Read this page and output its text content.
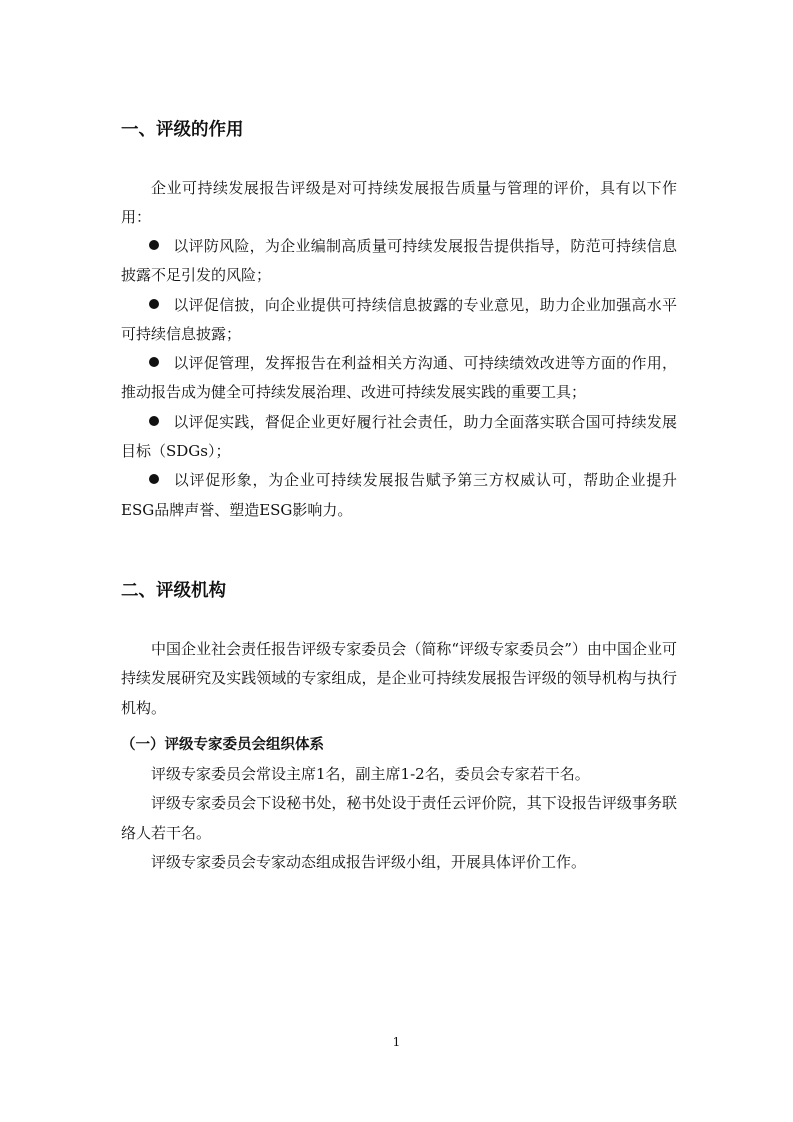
一、评级的作用

企业可持续发展报告评级是对可持续发展报告质量与管理的评价，具有以下作用：

以评防风险，为企业编制高质量可持续发展报告提供指导，防范可持续信息披露不足引发的风险；
以评促信披，向企业提供可持续信息披露的专业意见，助力企业加强高水平可持续信息披露；
以评促管理，发挥报告在利益相关方沟通、可持续绩效改进等方面的作用，推动报告成为健全可持续发展治理、改进可持续发展实践的重要工具；
以评促实践，督促企业更好履行社会责任，助力全面落实联合国可持续发展目标（SDGs）；
以评促形象，为企业可持续发展报告赋予第三方权威认可，帮助企业提升ESG品牌声誉、塑造ESG影响力。
二、评级机构

中国企业社会责任报告评级专家委员会（简称“评级专家委员会”）由中国企业可持续发展研究及实践领域的专家组成，是企业可持续发展报告评级的领导机构与执行机构。

（一）评级专家委员会组织体系

评级专家委员会常设主席1名，副主席1-2名，委员会专家若干名。

评级专家委员会下设秘书处，秘书处设于责任云评价院，其下设报告评级事务联络人若干名。

评级专家委员会专家动态组成报告评级小组，开展具体评价工作。

1
